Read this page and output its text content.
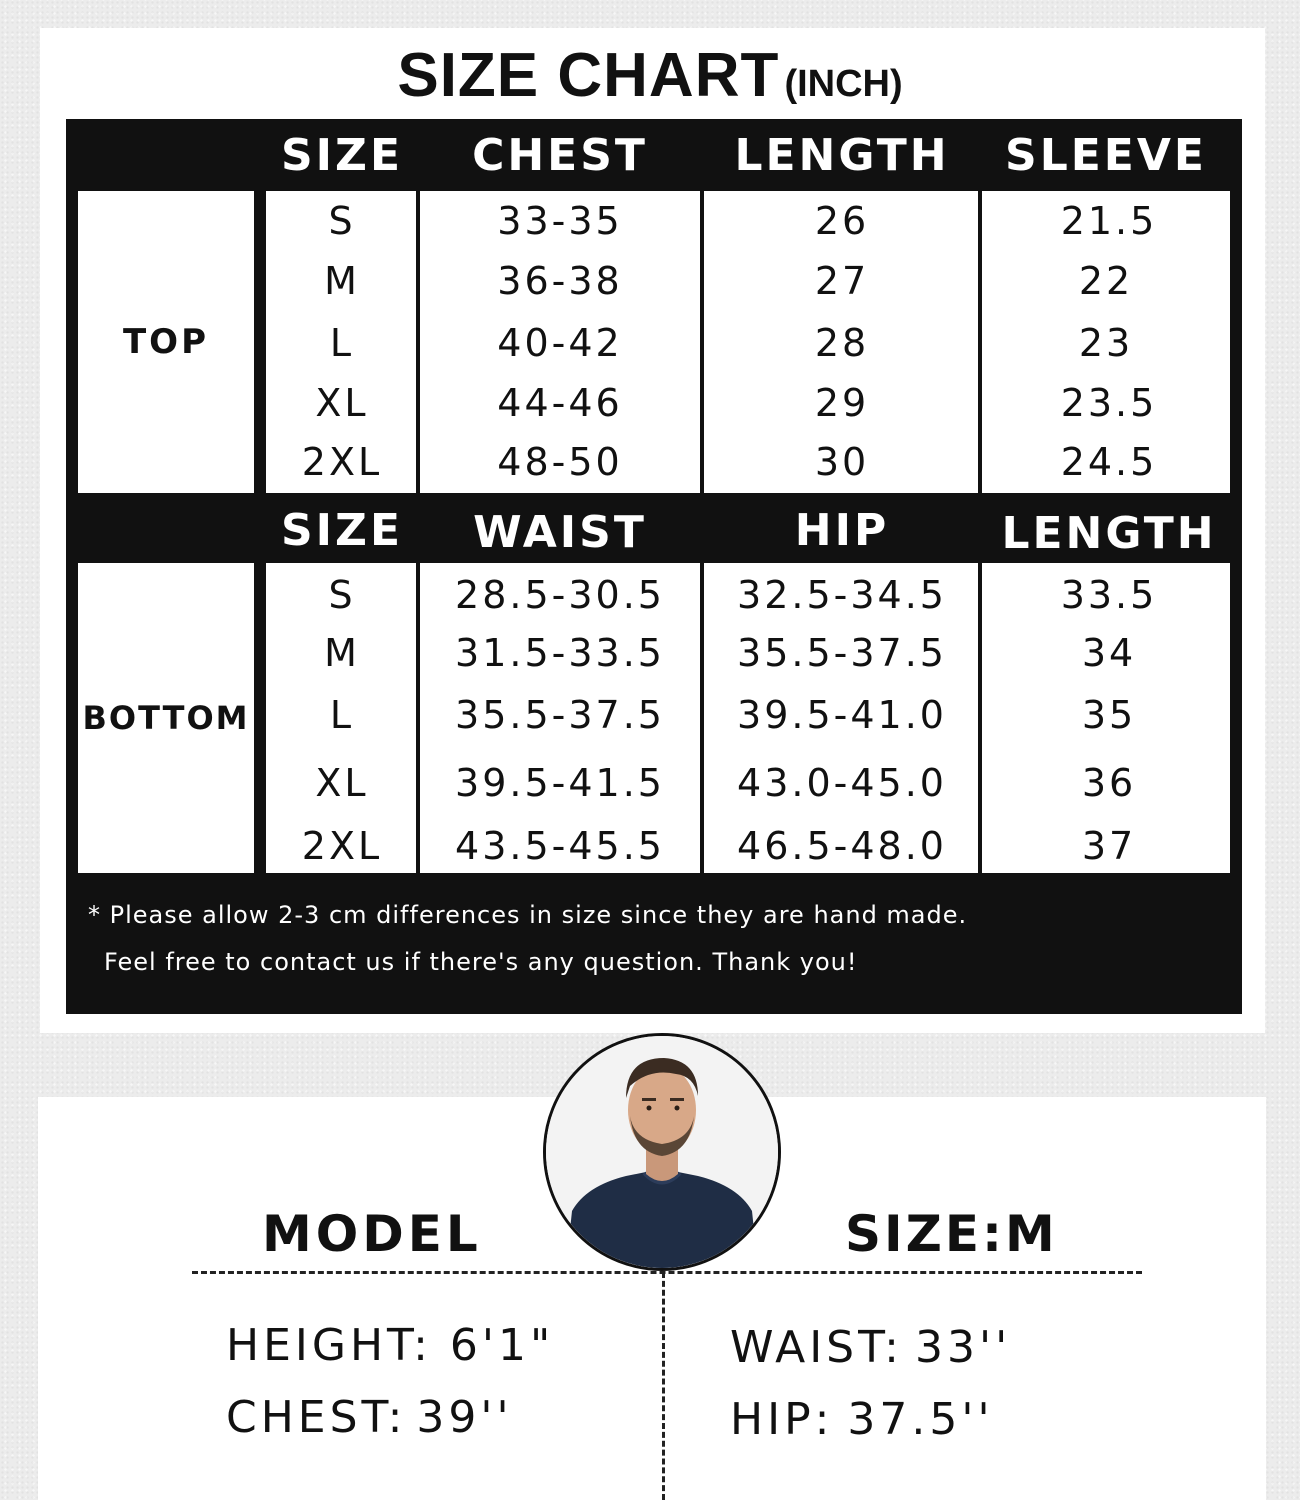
SIZE CHART (INCH)
SIZE	CHEST	LENGTH	SLEEVE
TOP
S	33-35	26	21.5
M	36-38	27	22
L	40-42	28	23
XL	44-46	29	23.5
2XL	48-50	30	24.5
SIZE	WAIST	HIP	LENGTH
BOTTOM
S	28.5-30.5	32.5-34.5	33.5
M	31.5-33.5	35.5-37.5	34
L	35.5-37.5	39.5-41.0	35
XL	39.5-41.5	43.0-45.0	36
2XL	43.5-45.5	46.5-48.0	37
* Please allow 2-3 cm differences in size since they are hand made.
Feel free to contact us if there's any question. Thank you!
MODEL	SIZE:M
HEIGHT: 6'1"
CHEST: 39''
WAIST: 33''
HIP: 37.5''
